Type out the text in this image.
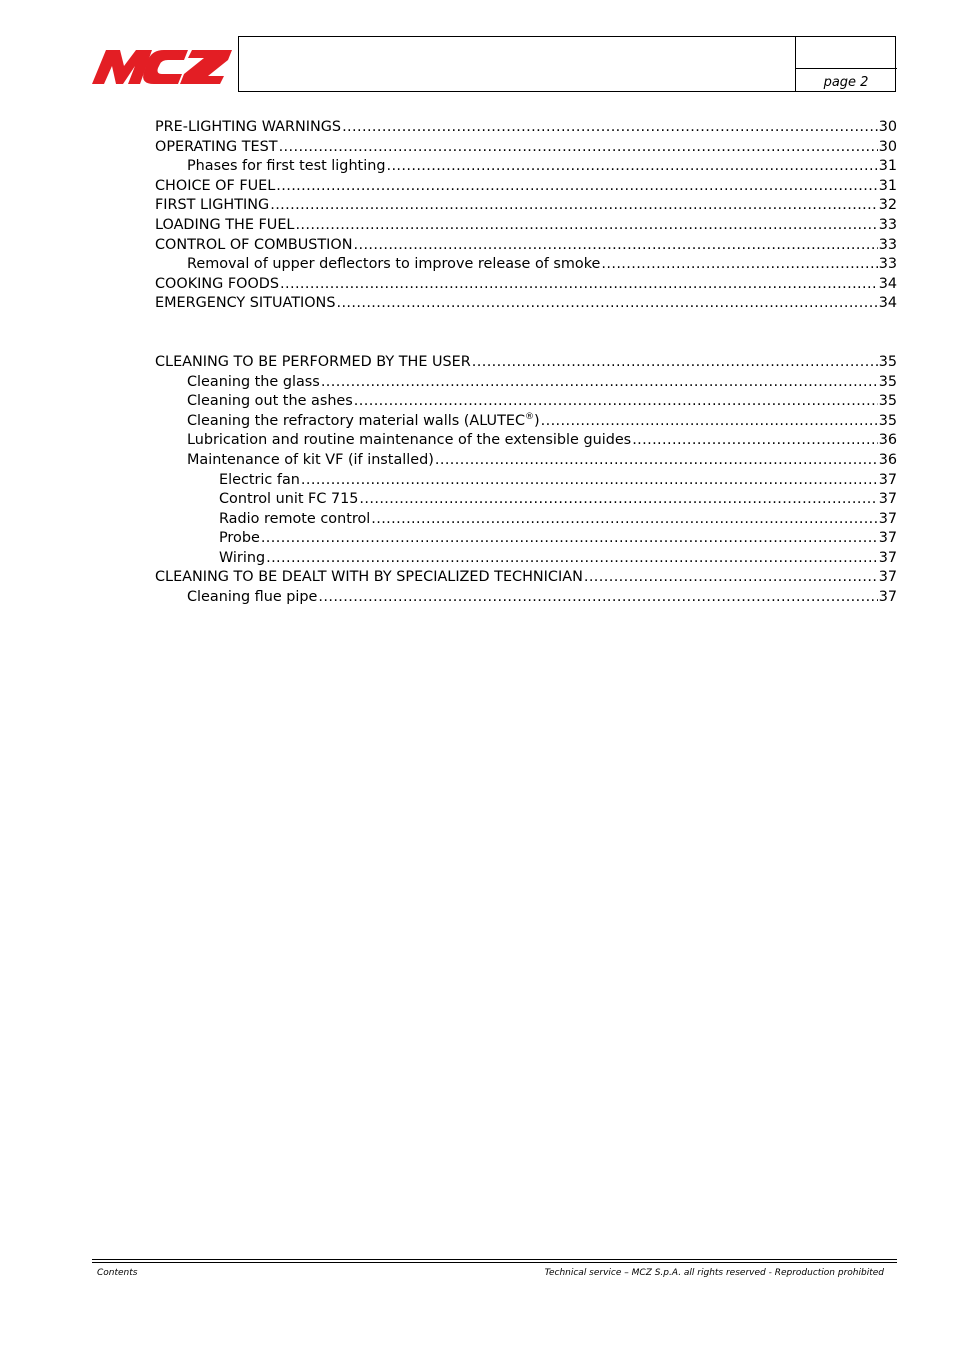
page 2
PRE-LIGHTING WARNINGS .....	30
OPERATING TEST .....	30
Phases for first test lighting .....	31
CHOICE OF FUEL .....	31
FIRST LIGHTING .....	32
LOADING THE FUEL .....	33
CONTROL OF COMBUSTION .....	33
Removal of upper deflectors to improve release of smoke .....	33
COOKING FOODS .....	34
EMERGENCY SITUATIONS .....	34
CLEANING TO BE PERFORMED BY THE USER .....	35
Cleaning the glass .....	35
Cleaning out the ashes .....	35
Cleaning the refractory material walls (ALUTEC®) .....	35
Lubrication and routine maintenance of the extensible guides .....	36
Maintenance of kit VF (if installed) .....	36
Electric fan .....	37
Control unit FC 715 .....	37
Radio remote control .....	37
Probe .....	37
Wiring .....	37
CLEANING TO BE DEALT WITH BY SPECIALIZED TECHNICIAN .....	37
Cleaning flue pipe .....	37
Contents	Technical service – MCZ S.p.A. all rights reserved - Reproduction prohibited
